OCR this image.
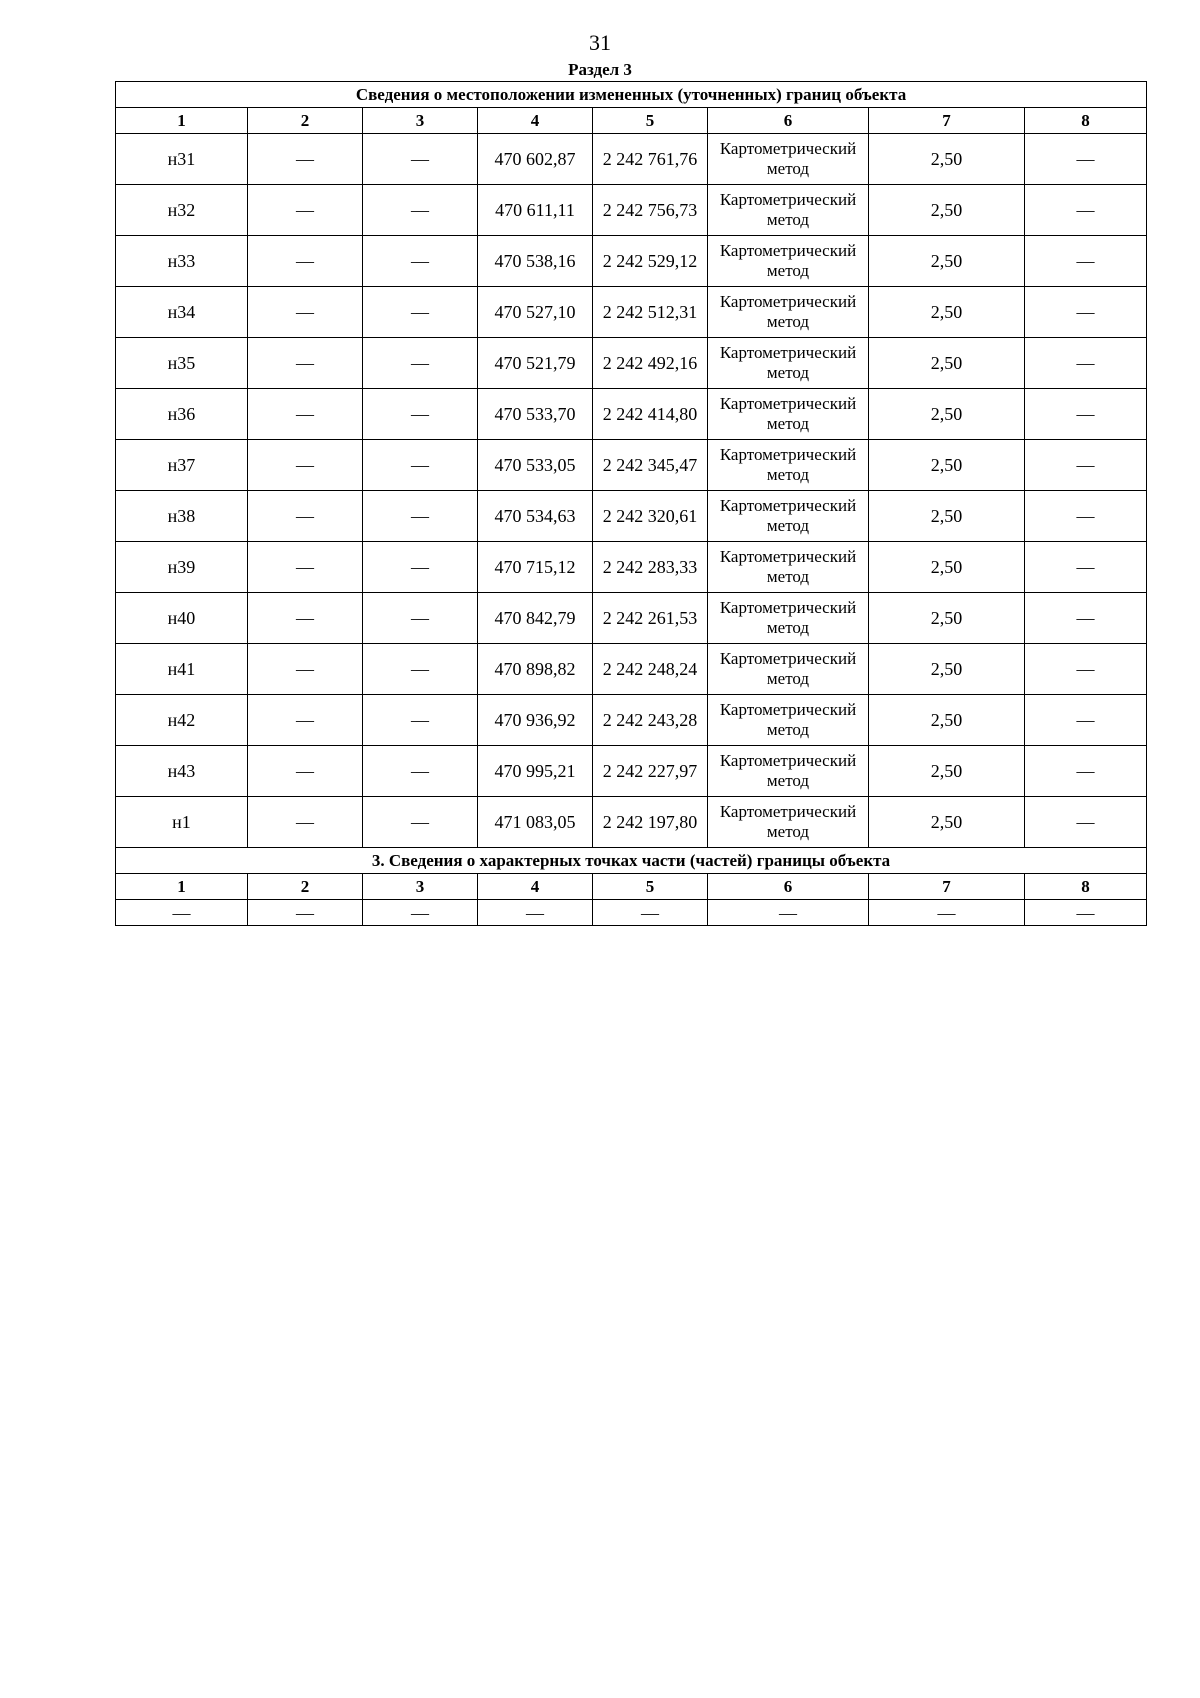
31
Раздел 3
Сведения о местоположении измененных (уточненных) границ объекта							
1	2	3	4	5	6	7	8
н31	—	—	470 602,87	2 242 761,76	Картометрический метод	2,50	—
н32	—	—	470 611,11	2 242 756,73	Картометрический метод	2,50	—
н33	—	—	470 538,16	2 242 529,12	Картометрический метод	2,50	—
н34	—	—	470 527,10	2 242 512,31	Картометрический метод	2,50	—
н35	—	—	470 521,79	2 242 492,16	Картометрический метод	2,50	—
н36	—	—	470 533,70	2 242 414,80	Картометрический метод	2,50	—
н37	—	—	470 533,05	2 242 345,47	Картометрический метод	2,50	—
н38	—	—	470 534,63	2 242 320,61	Картометрический метод	2,50	—
н39	—	—	470 715,12	2 242 283,33	Картометрический метод	2,50	—
н40	—	—	470 842,79	2 242 261,53	Картометрический метод	2,50	—
н41	—	—	470 898,82	2 242 248,24	Картометрический метод	2,50	—
н42	—	—	470 936,92	2 242 243,28	Картометрический метод	2,50	—
н43	—	—	470 995,21	2 242 227,97	Картометрический метод	2,50	—
н1	—	—	471 083,05	2 242 197,80	Картометрический метод	2,50	—
3. Сведения о характерных точках части (частей) границы объекта							
1	2	3	4	5	6	7	8
—	—	—	—	—	—	—	—
